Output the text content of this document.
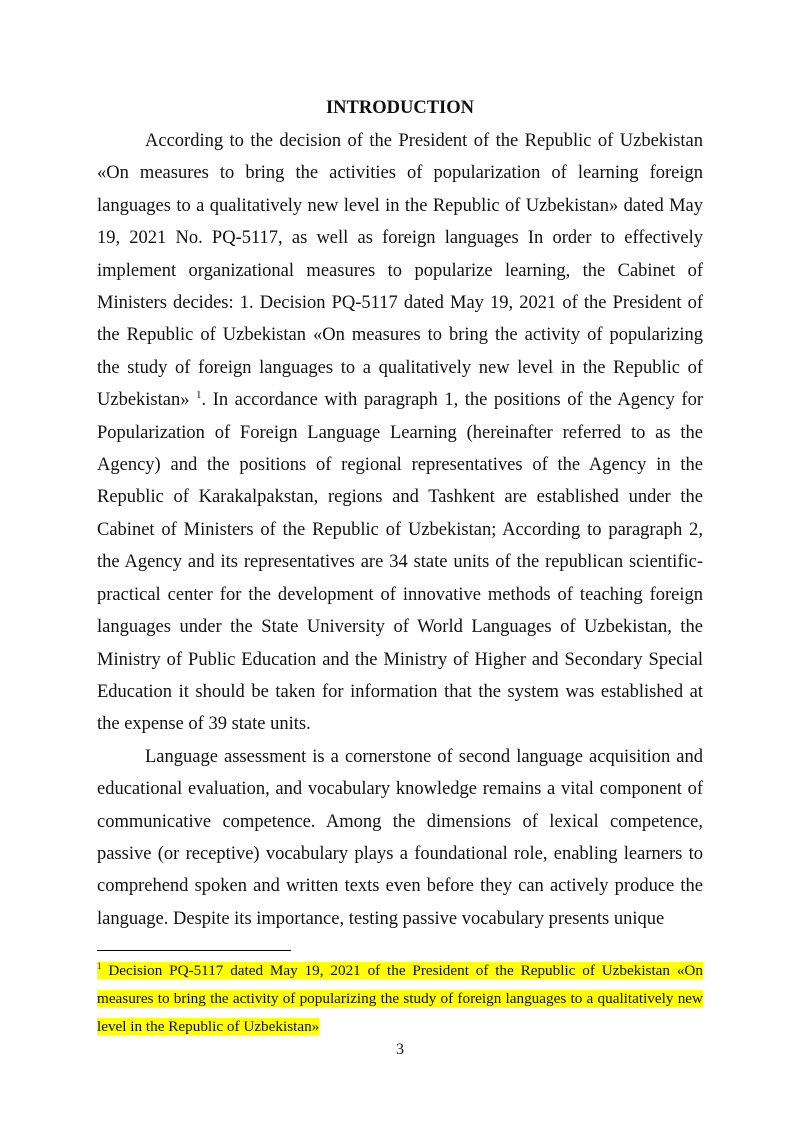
INTRODUCTION

According to the decision of the President of the Republic of Uzbekistan «On measures to bring the activities of popularization of learning foreign languages to a qualitatively new level in the Republic of Uzbekistan» dated May 19, 2021 No. PQ-5117, as well as foreign languages In order to effectively implement organizational measures to popularize learning, the Cabinet of Ministers decides: 1. Decision PQ-5117 dated May 19, 2021 of the President of the Republic of Uzbekistan «On measures to bring the activity of popularizing the study of foreign languages to a qualitatively new level in the Republic of Uzbekistan» $^1$. In accordance with paragraph 1, the positions of the Agency for Popularization of Foreign Language Learning (hereinafter referred to as the Agency) and the positions of regional representatives of the Agency in the Republic of Karakalpakstan, regions and Tashkent are established under the Cabinet of Ministers of the Republic of Uzbekistan; According to paragraph 2, the Agency and its representatives are 34 state units of the republican scientific-practical center for the development of innovative methods of teaching foreign languages under the State University of World Languages of Uzbekistan, the Ministry of Public Education and the Ministry of Higher and Secondary Special Education it should be taken for information that the system was established at the expense of 39 state units.

Language assessment is a cornerstone of second language acquisition and educational evaluation, and vocabulary knowledge remains a vital component of communicative competence. Among the dimensions of lexical competence, passive (or receptive) vocabulary plays a foundational role, enabling learners to comprehend spoken and written texts even before they can actively produce the language. Despite its importance, testing passive vocabulary presents unique

$^1$ Decision PQ-5117 dated May 19, 2021 of the President of the Republic of Uzbekistan «On measures to bring the activity of popularizing the study of foreign languages to a qualitatively new level in the Republic of Uzbekistan»
3
